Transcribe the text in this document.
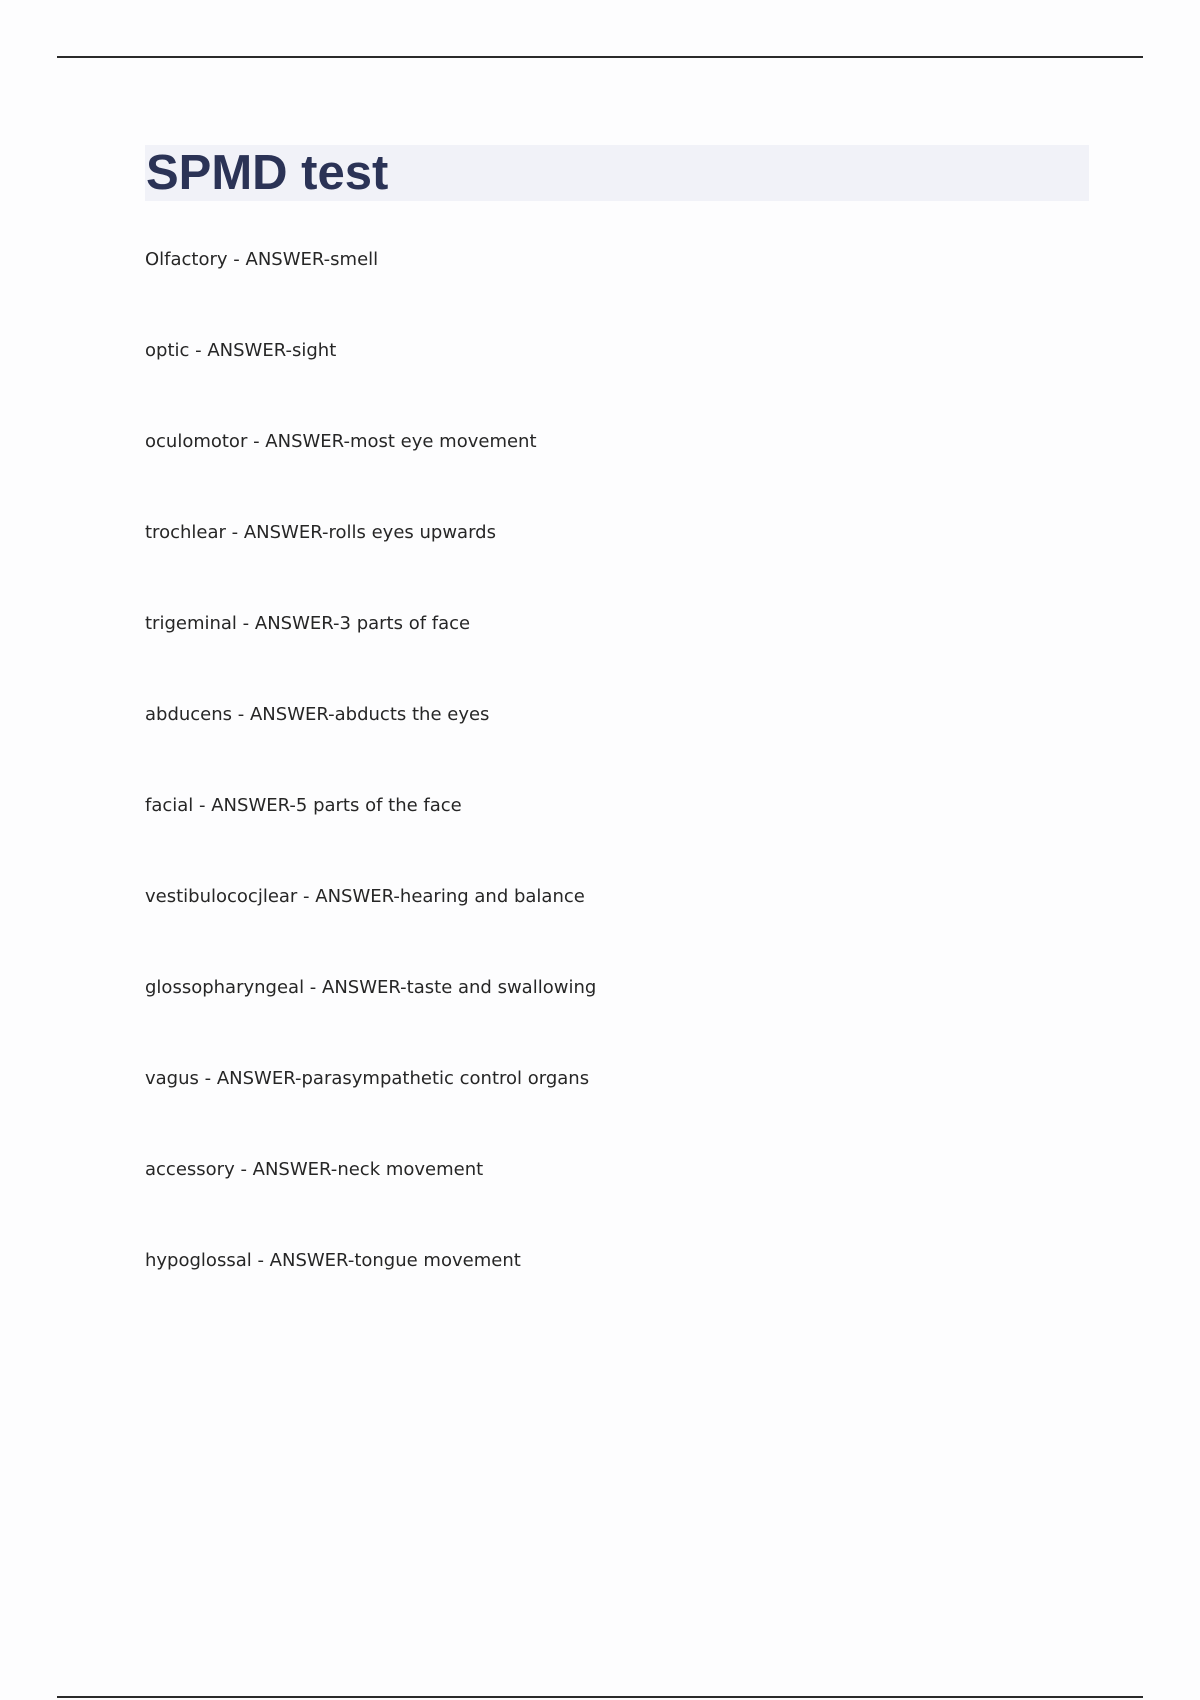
SPMD test
Olfactory - ANSWER-smell
optic - ANSWER-sight
oculomotor - ANSWER-most eye movement
trochlear - ANSWER-rolls eyes upwards
trigeminal - ANSWER-3 parts of face
abducens - ANSWER-abducts the eyes
facial - ANSWER-5 parts of the face
vestibulococjlear - ANSWER-hearing and balance
glossopharyngeal - ANSWER-taste and swallowing
vagus - ANSWER-parasympathetic control organs
accessory - ANSWER-neck movement
hypoglossal - ANSWER-tongue movement
